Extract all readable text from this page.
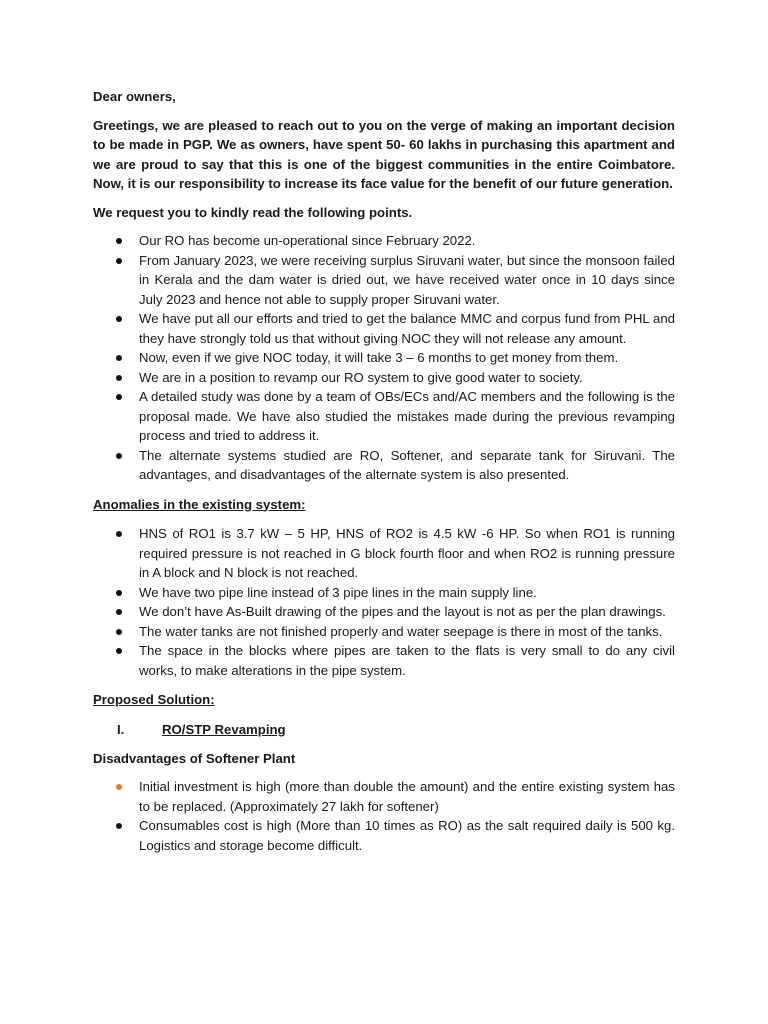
Dear owners,

Greetings, we are pleased to reach out to you on the verge of making an important decision to be made in PGP. We as owners, have spent 50- 60 lakhs in purchasing this apartment and we are proud to say that this is one of the biggest communities in the entire Coimbatore. Now, it is our responsibility to increase its face value for the benefit of our future generation.

We request you to kindly read the following points.

Our RO has become un-operational since February 2022.
From January 2023, we were receiving surplus Siruvani water, but since the monsoon failed in Kerala and the dam water is dried out, we have received water once in 10 days since July 2023 and hence not able to supply proper Siruvani water.
We have put all our efforts and tried to get the balance MMC and corpus fund from PHL and they have strongly told us that without giving NOC they will not release any amount.
Now, even if we give NOC today, it will take 3 – 6 months to get money from them.
We are in a position to revamp our RO system to give good water to society.
A detailed study was done by a team of OBs/ECs and/AC members and the following is the proposal made. We have also studied the mistakes made during the previous revamping process and tried to address it.
The alternate systems studied are RO, Softener, and separate tank for Siruvani. The advantages, and disadvantages of the alternate system is also presented.

Anomalies in the existing system:

HNS of RO1 is 3.7 kW – 5 HP, HNS of RO2 is 4.5 kW -6 HP. So when RO1 is running required pressure is not reached in G block fourth floor and when RO2 is running pressure in A block and N block is not reached.
We have two pipe line instead of 3 pipe lines in the main supply line.
We don’t have As-Built drawing of the pipes and the layout is not as per the plan drawings.
The water tanks are not finished properly and water seepage is there in most of the tanks.
The space in the blocks where pipes are taken to the flats is very small to do any civil works, to make alterations in the pipe system.

Proposed Solution:

I.	RO/STP Revamping

Disadvantages of Softener Plant

Initial investment is high (more than double the amount) and the entire existing system has to be replaced. (Approximately 27 lakh for softener)
Consumables cost is high (More than 10 times as RO) as the salt required daily is 500 kg. Logistics and storage become difficult.
